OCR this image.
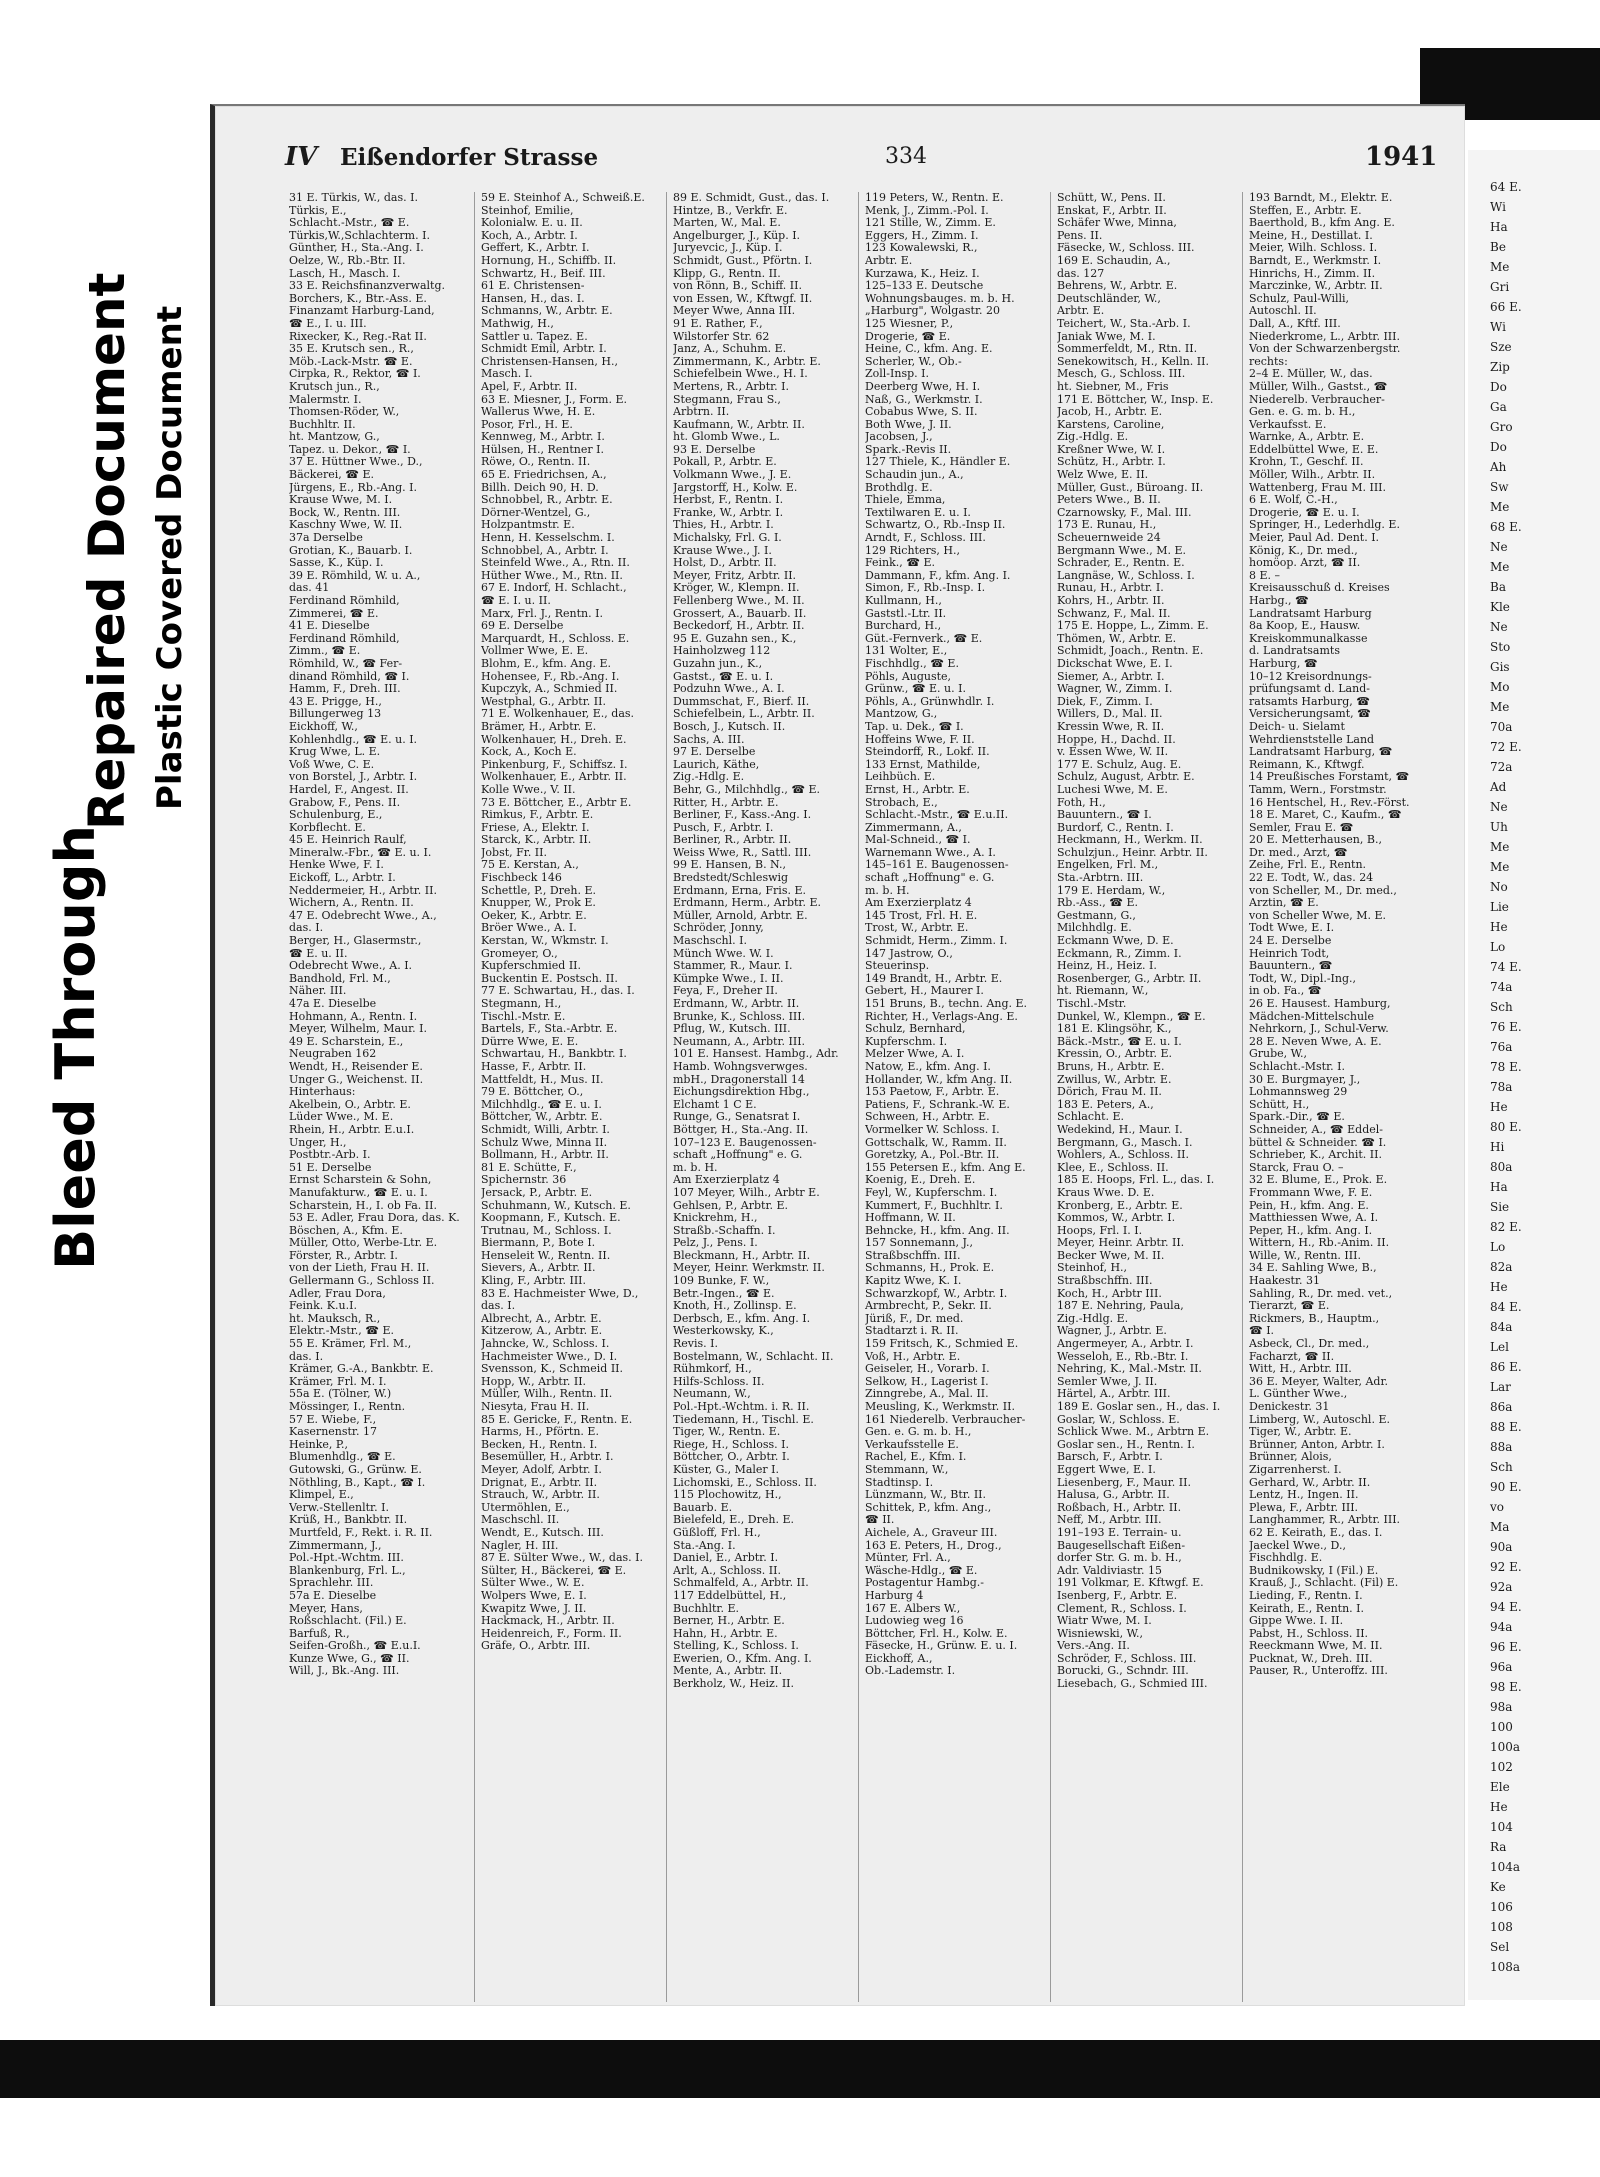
Bleed Through
Repaired Document Plastic Covered Document
IV Eißendorfer Strasse	334	1941
31 E. Türkis, W., das. I.
Türkis, E.,
Schlacht.-Mstr., ☎ E.
Türkis,W.,Schlachterm. I.
Günther, H., Sta.-Ang. I.
Oelze, W., Rb.-Btr. II.
Lasch, H., Masch. I.
33 E. Reichsfinanzverwaltg.
Borchers, K., Btr.-Ass. E.
Finanzamt Harburg-Land,
☎ E., I. u. III.
Rixecker, K., Reg.-Rat II.
35 E. Krutsch sen., R.,
Möb.-Lack-Mstr. ☎ E.
Cirpka, R., Rektor, ☎ I.
Krutsch jun., R.,
Malermstr. I.
Thomsen-Röder, W.,
Buchhltr. II.
ht. Mantzow, G.,
Tapez. u. Dekor., ☎ I.
37 E. Hüttner Wwe., D.,
Bäckerei, ☎ E.
Jürgens, E., Rb.-Ang. I.
Krause Wwe, M. I.
Bock, W., Rentn. III.
Kaschny Wwe, W. II.
37a Derselbe
Grotian, K., Bauarb. I.
Sasse, K., Küp. I.
39 E. Römhild, W. u. A.,
das. 41
Ferdinand Römhild,
Zimmerei, ☎ E.
41 E. Dieselbe
Ferdinand Römhild,
Zimm., ☎ E.
Römhild, W., ☎ Fer-
dinand Römhild, ☎ I.
Hamm, F., Dreh. III.
43 E. Prigge, H.,
Billungerweg 13
Eickhoff, W.,
Kohlenhdlg., ☎ E. u. I.
Krug Wwe, L. E.
Voß Wwe, C. E.
von Borstel, J., Arbtr. I.
Hardel, F., Angest. II.
Grabow, F., Pens. II.
Schulenburg, E.,
Korbflecht. E.
45 E. Heinrich Raulf,
Mineralw.-Fbr., ☎ E. u. I.
Henke Wwe, F. I.
Eickoff, L., Arbtr. I.
Neddermeier, H., Arbtr. II.
Wichern, A., Rentn. II.
47 E. Odebrecht Wwe., A.,
das. I.
Berger, H., Glasermstr.,
☎ E. u. II.
Odebrecht Wwe., A. I.
Bandhold, Frl. M.,
Näher. III.
47a E. Dieselbe
Hohmann, A., Rentn. I.
Meyer, Wilhelm, Maur. I.
49 E. Scharstein, E.,
Neugraben 162
Wendt, H., Reisender E.
Unger G., Weichenst. II.
Hinterhaus:
Akelbein, O., Arbtr. E.
Lüder Wwe., M. E.
Rhein, H., Arbtr. E.u.I.
Unger, H.,
Postbtr.-Arb. I.
51 E. Derselbe
Ernst Scharstein & Sohn,
Manufakturw., ☎ E. u. I.
Scharstein, H., I. ob Fa. II.
53 E. Adler, Frau Dora, das. K.
Böschen, A., Kfm. E.
Müller, Otto, Werbe-Ltr. E.
Förster, R., Arbtr. I.
von der Lieth, Frau H. II.
Gellermann G., Schloss II.
Adler, Frau Dora,
Feink. K.u.I.
ht. Mauksch, R.,
Elektr.-Mstr., ☎ E.
55 E. Krämer, Frl. M.,
das. I.
Krämer, G.-A., Bankbtr. E.
Krämer, Frl. M. I.
55a E. (Tölner, W.)
Mössinger, I., Rentn.
57 E. Wiebe, F.,
Kasernenstr. 17
Heinke, P.,
Blumenhdlg., ☎ E.
Gutowski, G., Grünw. E.
Nöthling, B., Kapt., ☎ I.
Klimpel, E.,
Verw.-Stellenltr. I.
Krüß, H., Bankbtr. II.
Murtfeld, F., Rekt. i. R. II.
Zimmermann, J.,
Pol.-Hpt.-Wchtm. III.
Blankenburg, Frl. L.,
Sprachlehr. III.
57a E. Dieselbe
Meyer, Hans,
Roßschlacht. (Fil.) E.
Barfuß, R.,
Seifen-Großh., ☎ E.u.I.
Kunze Wwe, G., ☎ II.
Will, J., Bk.-Ang. III.
59 E. Steinhof A., Schweiß.E.
Steinhof, Emilie,
Kolonialw. E. u. II.
Koch, A., Arbtr. I.
Geffert, K., Arbtr. I.
Hornung, H., Schiffb. II.
Schwartz, H., Beif. III.
61 E. Christensen-
Hansen, H., das. I.
Schmanns, W., Arbtr. E.
Mathwig, H.,
Sattler u. Tapez. E.
Schmidt Emil, Arbtr. I.
Christensen-Hansen, H.,
Masch. I.
Apel, F., Arbtr. II.
63 E. Miesner, J., Form. E.
Wallerus Wwe, H. E.
Posor, Frl., H. E.
Kennweg, M., Arbtr. I.
Hülsen, H., Rentner I.
Röwe, O., Rentn. II.
65 E. Friedrichsen, A.,
Billh. Deich 90, H. D.
Schnobbel, R., Arbtr. E.
Dörner-Wentzel, G.,
Holzpantmstr. E.
Henn, H. Kesselschm. I.
Schnobbel, A., Arbtr. I.
Steinfeld Wwe., A., Rtn. II.
Hüther Wwe., M., Rtn. II.
67 E. Indorf, H. Schlacht.,
☎ E. I. u. II.
Marx, Frl. J., Rentn. I.
69 E. Derselbe
Marquardt, H., Schloss. E.
Vollmer Wwe, E. E.
Blohm, E., kfm. Ang. E.
Hohensee, F., Rb.-Ang. I.
Kupczyk, A., Schmied II.
Westphal, G., Arbtr. II.
71 E. Wolkenhauer, E., das.
Brämer, H., Arbtr. E.
Wolkenhauer, H., Dreh. E.
Kock, A., Koch E.
Pinkenburg, F., Schiffsz. I.
Wolkenhauer, E., Arbtr. II.
Kolle Wwe., V. II.
73 E. Böttcher, E., Arbtr E.
Rimkus, F., Arbtr. E.
Friese, A., Elektr. I.
Starck, K., Arbtr. II.
Jobst, Fr. II.
75 E. Kerstan, A.,
Fischbeck 146
Schettle, P., Dreh. E.
Knupper, W., Prok E.
Oeker, K., Arbtr. E.
Bröer Wwe., A. I.
Kerstan, W., Wkmstr. I.
Gromeyer, O.,
Kupferschmied II.
Buckentin E. Postsch. II.
77 E. Schwartau, H., das. I.
Stegmann, H.,
Tischl.-Mstr. E.
Bartels, F., Sta.-Arbtr. E.
Dürre Wwe, E. E.
Schwartau, H., Bankbtr. I.
Hasse, F., Arbtr. II.
Mattfeldt, H., Mus. II.
79 E. Böttcher, O.,
Milchhdlg., ☎ E. u. I.
Böttcher, W., Arbtr. E.
Schmidt, Willi, Arbtr. I.
Schulz Wwe, Minna II.
Bollmann, H., Arbtr. II.
81 E. Schütte, F.,
Spichernstr. 36
Jersack, P., Arbtr. E.
Schuhmann, W., Kutsch. E.
Koopmann, F., Kutsch. E.
Trutnau, M., Schloss. I.
Biermann, P., Bote I.
Henseleit W., Rentn. II.
Sievers, A., Arbtr. II.
Kling, F., Arbtr. III.
83 E. Hachmeister Wwe, D.,
das. I.
Albrecht, A., Arbtr. E.
Kitzerow, A., Arbtr. E.
Jahncke, W., Schloss. I.
Hachmeister Wwe., D. I.
Svensson, K., Schmeid II.
Hopp, W., Arbtr. II.
Müller, Wilh., Rentn. II.
Niesyta, Frau H. II.
85 E. Gericke, F., Rentn. E.
Harms, H., Pförtn. E.
Becken, H., Rentn. I.
Besemüller, H., Arbtr. I.
Meyer, Adolf, Arbtr. I.
Drignat, E., Arbtr. II.
Strauch, W., Arbtr. II.
Utermöhlen, E.,
Maschschl. II.
Wendt, E., Kutsch. III.
Nagler, H. III.
87 E. Sülter Wwe., W., das. I.
Sülter, H., Bäckerei, ☎ E.
Sülter Wwe., W. E.
Wolpers Wwe, E. I.
Kwapitz Wwe, J. II.
Hackmack, H., Arbtr. II.
Heidenreich, F., Form. II.
Gräfe, O., Arbtr. III.
89 E. Schmidt, Gust., das. I.
Hintze, B., Verkfr. E.
Marten, W., Mal. E.
Angelburger, J., Küp. I.
Juryevcic, J., Küp. I.
Schmidt, Gust., Pförtn. I.
Klipp, G., Rentn. II.
von Rönn, B., Schiff. II.
von Essen, W., Kftwgf. II.
Meyer Wwe, Anna III.
91 E. Rather, F.,
Wilstorfer Str. 62
Janz, A., Schuhm. E.
Zimmermann, K., Arbtr. E.
Schiefelbein Wwe., H. I.
Mertens, R., Arbtr. I.
Stegmann, Frau S.,
Arbtrn. II.
Kaufmann, W., Arbtr. II.
ht. Glomb Wwe., L.
93 E. Derselbe
Pokall, P., Arbtr. E.
Volkmann Wwe., J. E.
Jargstorff, H., Kolw. E.
Herbst, F., Rentn. I.
Franke, W., Arbtr. I.
Thies, H., Arbtr. I.
Michalsky, Frl. G. I.
Krause Wwe., J. I.
Holst, D., Arbtr. II.
Meyer, Fritz, Arbtr. II.
Kröger, W., Klempn. II.
Fellenberg Wwe., M. II.
Grossert, A., Bauarb. II.
Beckedorf, H., Arbtr. II.
95 E. Guzahn sen., K.,
Hainholzweg 112
Guzahn jun., K.,
Gastst., ☎ E. u. I.
Podzuhn Wwe., A. I.
Dummschat, F., Bierf. II.
Schiefelbein, L., Arbtr. II.
Bosch, J., Kutsch. II.
Sachs, A. III.
97 E. Derselbe
Laurich, Käthe,
Zig.-Hdlg. E.
Behr, G., Milchhdlg., ☎ E.
Ritter, H., Arbtr. E.
Berliner, F., Kass.-Ang. I.
Pusch, F., Arbtr. I.
Berliner, R., Arbtr. II.
Weiss Wwe, R., Sattl. III.
99 E. Hansen, B. N.,
Bredstedt/Schleswig
Erdmann, Erna, Fris. E.
Erdmann, Herm., Arbtr. E.
Müller, Arnold, Arbtr. E.
Schröder, Jonny,
Maschschl. I.
Münch Wwe. W. I.
Stammer, R., Maur. I.
Kümpke Wwe., I. II.
Feya, F., Dreher II.
Erdmann, W., Arbtr. II.
Brunke, K., Schloss. III.
Pflug, W., Kutsch. III.
Neumann, A., Arbtr. III.
101 E. Hansest. Hambg., Adr.
Hamb. Wohngsverwges.
mbH., Dragonerstall 14
Eichungsdirektion Hbg.,
Elchamt 1 C E.
Runge, G., Senatsrat I.
Böttger, H., Sta.-Ang. II.
107–123 E. Baugenossen-
schaft „Hoffnung" e. G.
m. b. H.
Am Exerzierplatz 4
107 Meyer, Wilh., Arbtr E.
Gehlsen, P., Arbtr. E.
Knickrehm, H.,
Straßb.-Schaffn. I.
Pelz, J., Pens. I.
Bleckmann, H., Arbtr. II.
Meyer, Heinr. Werkmstr. II.
109 Bunke, F. W.,
Betr.-Ingen., ☎ E.
Knoth, H., Zollinsp. E.
Derbsch, E., kfm. Ang. I.
Westerkowsky, K.,
Revis. I.
Bostelmann, W., Schlacht. II.
Rühmkorf, H.,
Hilfs-Schloss. II.
Neumann, W.,
Pol.-Hpt.-Wchtm. i. R. II.
Tiedemann, H., Tischl. E.
Tiger, W., Rentn. E.
Riege, H., Schloss. I.
Böttcher, O., Arbtr. I.
Küster, G., Maler I.
Lichomski, E., Schloss. II.
115 Plochowitz, H.,
Bauarb. E.
Bielefeld, E., Dreh. E.
Güßloff, Frl. H.,
Sta.-Ang. I.
Daniel, E., Arbtr. I.
Arlt, A., Schloss. II.
Schmalfeld, A., Arbtr. II.
117 Eddelbüttel, H.,
Buchhltr. E.
Berner, H., Arbtr. E.
Hahn, H., Arbtr. E.
Stelling, K., Schloss. I.
Ewerien, O., Kfm. Ang. I.
Mente, A., Arbtr. II.
Berkholz, W., Heiz. II.
119 Peters, W., Rentn. E.
Menk, J., Zimm.-Pol. I.
121 Stille, W., Zimm. E.
Eggers, H., Zimm. I.
123 Kowalewski, R.,
Arbtr. E.
Kurzawa, K., Heiz. I.
125–133 E. Deutsche
Wohnungsbauges. m. b. H.
„Harburg", Wolgastr. 20
125 Wiesner, P.,
Drogerie, ☎ E.
Heine, C., kfm. Ang. E.
Scherler, W., Ob.-
Zoll-Insp. I.
Deerberg Wwe, H. I.
Naß, G., Werkmstr. I.
Cobabus Wwe, S. II.
Both Wwe, J. II.
Jacobsen, J.,
Spark.-Revis II.
127 Thiele, K., Händler E.
Schaudin jun., A.,
Brothdlg. E.
Thiele, Emma,
Textilwaren E. u. I.
Schwartz, O., Rb.-Insp II.
Arndt, F., Schloss. III.
129 Richters, H.,
Feink., ☎ E.
Dammann, F., kfm. Ang. I.
Simon, F., Rb.-Insp. I.
Kullmann, H.,
Gaststl.-Ltr. II.
Burchard, H.,
Güt.-Fernverk., ☎ E.
131 Wolter, E.,
Fischhdlg., ☎ E.
Pöhls, Auguste,
Grünw., ☎ E. u. I.
Pöhls, A., Grünwhdlr. I.
Mantzow, G.,
Tap. u. Dek., ☎ I.
Hoffeins Wwe, F. II.
Steindorff, R., Lokf. II.
133 Ernst, Mathilde,
Leihbüch. E.
Ernst, H., Arbtr. E.
Strobach, E.,
Schlacht.-Mstr., ☎ E.u.II.
Zimmermann, A.,
Mal-Schneid., ☎ I.
Warnemann Wwe., A. I.
145–161 E. Baugenossen-
schaft „Hoffnung" e. G.
m. b. H.
Am Exerzierplatz 4
145 Trost, Frl. H. E.
Trost, W., Arbtr. E.
Schmidt, Herm., Zimm. I.
147 Jastrow, O.,
Steuerinsp.
149 Brandt, H., Arbtr. E.
Gebert, H., Maurer I.
151 Bruns, B., techn. Ang. E.
Richter, H., Verlags-Ang. E.
Schulz, Bernhard,
Kupferschm. I.
Melzer Wwe, A. I.
Natow, E., kfm. Ang. I.
Hollander, W., kfm Ang. II.
153 Paetow, F., Arbtr. E.
Patiens, F., Schrank.-W. E.
Schween, H., Arbtr. E.
Vormelker W. Schloss. I.
Gottschalk, W., Ramm. II.
Goretzky, A., Pol.-Btr. II.
155 Petersen E., kfm. Ang E.
Koenig, E., Dreh. E.
Feyl, W., Kupferschm. I.
Kummert, F., Buchhltr. I.
Hoffmann, W. II.
Behncke, H., kfm. Ang. II.
157 Sonnemann, J.,
Straßbschffn. III.
Schmanns, H., Prok. E.
Kapitz Wwe, K. I.
Schwarzkopf, W., Arbtr. I.
Armbrecht, P., Sekr. II.
Jüriß, F., Dr. med.
Stadtarzt i. R. II.
159 Fritsch, K., Schmied E.
Voß, H., Arbtr. E.
Geiseler, H., Vorarb. I.
Selkow, H., Lagerist I.
Zinngrebe, A., Mal. II.
Meusling, K., Werkmstr. II.
161 Niederelb. Verbraucher-
Gen. e. G. m. b. H.,
Verkaufsstelle E.
Rachel, E., Kfm. I.
Stemmann, W.,
Stadtinsp. I.
Lünzmann, W., Btr. II.
Schittek, P., kfm. Ang.,
☎ II.
Aichele, A., Graveur III.
163 E. Peters, H., Drog.,
Münter, Frl. A.,
Wäsche-Hdlg., ☎ E.
Postagentur Hambg.-
Harburg 4
167 E. Albers W.,
Ludowieg weg 16
Böttcher, Frl. H., Kolw. E.
Fäsecke, H., Grünw. E. u. I.
Eickhoff, A.,
Ob.-Lademstr. I.
Schütt, W., Pens. II.
Enskat, F., Arbtr. II.
Schäfer Wwe, Minna,
Pens. II.
Fäsecke, W., Schloss. III.
169 E. Schaudin, A.,
das. 127
Behrens, W., Arbtr. E.
Deutschländer, W.,
Arbtr. E.
Teichert, W., Sta.-Arb. I.
Janiak Wwe, M. I.
Sommerfeldt, M., Rtn. II.
Senekowitsch, H., Kelln. II.
Mesch, G., Schloss. III.
ht. Siebner, M., Fris
171 E. Böttcher, W., Insp. E.
Jacob, H., Arbtr. E.
Karstens, Caroline,
Zig.-Hdlg. E.
Kreßner Wwe, W. I.
Schütz, H., Arbtr. I.
Welz Wwe, E. II.
Müller, Gust., Büroang. II.
Peters Wwe., B. II.
Czarnowsky, F., Mal. III.
173 E. Runau, H.,
Scheuernweide 24
Bergmann Wwe., M. E.
Schrader, E., Rentn. E.
Langnäse, W., Schloss. I.
Runau, H., Arbtr. I.
Kohrs, H., Arbtr. II.
Schwanz, F., Mal. II.
175 E. Hoppe, L., Zimm. E.
Thömen, W., Arbtr. E.
Schmidt, Joach., Rentn. E.
Dickschat Wwe, E. I.
Siemer, A., Arbtr. I.
Wagner, W., Zimm. I.
Diek, F., Zimm. I.
Willers, D., Mal. II.
Kressin Wwe, R. II.
Hoppe, H., Dachd. II.
v. Essen Wwe, W. II.
177 E. Schulz, Aug. E.
Schulz, August, Arbtr. E.
Luchesi Wwe, M. E.
Foth, H.,
Bauuntern., ☎ I.
Burdorf, C., Rentn. I.
Heckmann, H., Werkm. II.
Schulzjun., Heinr. Arbtr. II.
Engelken, Frl. M.,
Sta.-Arbtrn. III.
179 E. Herdam, W.,
Rb.-Ass., ☎ E.
Gestmann, G.,
Milchhdlg. E.
Eckmann Wwe, D. E.
Eckmann, R., Zimm. I.
Heinz, H., Heiz. I.
Rosenberger, G., Arbtr. II.
ht. Riemann, W.,
Tischl.-Mstr.
Dunkel, W., Klempn., ☎ E.
181 E. Klingsöhr, K.,
Bäck.-Mstr., ☎ E. u. I.
Kressin, O., Arbtr. E.
Bruns, H., Arbtr. E.
Zwillus, W., Arbtr. E.
Dörich, Frau M. II.
183 E. Peters, A.,
Schlacht. E.
Wedekind, H., Maur. I.
Bergmann, G., Masch. I.
Wohlers, A., Schloss. II.
Klee, E., Schloss. II.
185 E. Hoops, Frl. L., das. I.
Kraus Wwe. D. E.
Kronberg, E., Arbtr. E.
Kommos, W., Arbtr. I.
Hoops, Frl. I. I.
Meyer, Heinr. Arbtr. II.
Becker Wwe, M. II.
Steinhof, H.,
Straßbschffn. III.
Koch, H., Arbtr III.
187 E. Nehring, Paula,
Zig.-Hdlg. E.
Wagner, J., Arbtr. E.
Angermeyer, A., Arbtr. I.
Wesseloh, E., Rb.-Btr. I.
Nehring, K., Mal.-Mstr. II.
Semler Wwe, J. II.
Härtel, A., Arbtr. III.
189 E. Goslar sen., H., das. I.
Goslar, W., Schloss. E.
Schlick Wwe. M., Arbtrn E.
Goslar sen., H., Rentn. I.
Barsch, F., Arbtr. I.
Eggert Wwe, E. I.
Liesenberg, F., Maur. II.
Halusa, G., Arbtr. II.
Roßbach, H., Arbtr. II.
Neff, M., Arbtr. III.
191–193 E. Terrain- u.
Baugesellschaft Eißen-
dorfer Str. G. m. b. H.,
Adr. Valdiviastr. 15
191 Volkmar, E. Kftwgf. E.
Isenberg, F., Arbtr. E.
Clement, R., Schloss. I.
Wiatr Wwe, M. I.
Wisniewski, W.,
Vers.-Ang. II.
Schröder, F., Schloss. III.
Borucki, G., Schndr. III.
Liesebach, G., Schmied III.
193 Barndt, M., Elektr. E.
Steffen, E., Arbtr. E.
Baerthold, B., kfm Ang. E.
Meine, H., Destillat. I.
Meier, Wilh. Schloss. I.
Barndt, E., Werkmstr. I.
Hinrichs, H., Zimm. II.
Marczinke, W., Arbtr. II.
Schulz, Paul-Willi,
Autoschl. II.
Dall, A., Kftf. III.
Niederkrome, L., Arbtr. III.
Von der Schwarzenbergstr.
rechts:
2–4 E. Müller, W., das.
Müller, Wilh., Gastst., ☎
Niederelb. Verbraucher-
Gen. e. G. m. b. H.,
Verkaufsst. E.
Warnke, A., Arbtr. E.
Eddelbüttel Wwe, E. E.
Krohn, T., Geschf. II.
Möller, Wilh., Arbtr. II.
Wattenberg, Frau M. III.
6 E. Wolf, C.-H.,
Drogerie, ☎ E. u. I.
Springer, H., Lederhdlg. E.
Meier, Paul Ad. Dent. I.
König, K., Dr. med.,
homöop. Arzt, ☎ II.
8 E. –
Kreisausschuß d. Kreises
Harbg., ☎
Landratsamt Harburg
8a Koop, E., Hausw.
Kreiskommunalkasse
d. Landratsamts
Harburg, ☎
10–12 Kreisordnungs-
prüfungsamt d. Land-
ratsamts Harburg, ☎
Versicherungsamt, ☎
Deich- u. Sielamt
Wehrdienststelle Land
Landratsamt Harburg, ☎
Reimann, K., Kftwgf.
14 Preußisches Forstamt, ☎
Tamm, Wern., Forstmstr.
16 Hentschel, H., Rev.-Först.
18 E. Maret, C., Kaufm., ☎
Semler, Frau E. ☎
20 E. Metterhausen, B.,
Dr. med., Arzt, ☎
Zeihe, Frl. E., Rentn.
22 E. Todt, W., das. 24
von Scheller, M., Dr. med.,
Ärztin, ☎ E.
von Scheller Wwe, M. E.
Todt Wwe, E. I.
24 E. Derselbe
Heinrich Todt,
Bauuntern., ☎
Todt, W., Dipl.-Ing.,
in ob. Fa., ☎
26 E. Hausest. Hamburg,
Mädchen-Mittelschule
Nehrkorn, J., Schul-Verw.
28 E. Neven Wwe, A. E.
Grube, W.,
Schlacht.-Mstr. I.
30 E. Burgmayer, J.,
Lohmannsweg 29
Schütt, H.,
Spark.-Dir., ☎ E.
Schneider, A., ☎ Eddel-
büttel & Schneider. ☎ I.
Schrieber, K., Archit. II.
Starck, Frau O. –
32 E. Blume, E., Prok. E.
Frommann Wwe, F. E.
Pein, H., kfm. Ang. E.
Matthiessen Wwe, A. I.
Peper, H., kfm. Ang. I.
Wittern, H., Rb.-Anim. II.
Wille, W., Rentn. III.
34 E. Sahling Wwe, B.,
Haakestr. 31
Sahling, R., Dr. med. vet.,
Tierarzt, ☎ E.
Rickmers, B., Hauptm.,
☎ I.
Asbeck, Cl., Dr. med.,
Facharzt, ☎ II.
Witt, H., Arbtr. III.
36 E. Meyer, Walter, Adr.
L. Günther Wwe.,
Denickestr. 31
Limberg, W., Autoschl. E.
Tiger, W., Arbtr. E.
Brünner, Anton, Arbtr. I.
Brünner, Alois,
Zigarrenherst. I.
Gerhard, W., Arbtr. II.
Lentz, H., Ingen. II.
Plewa, F., Arbtr. III.
Langhammer, R., Arbtr. III.
62 E. Keirath, E., das. I.
Jaeckel Wwe., D.,
Fischhdlg. E.
Budnikowsky, I (Fil.) E.
Krauß, J., Schlacht. (Fil) E.
Lieding, F., Rentn. I.
Keirath, E., Rentn. I.
Gippe Wwe. I. II.
Pabst, H., Schloss. II.
Reeckmann Wwe, M. II.
Pucknat, W., Dreh. III.
Pauser, R., Unteroffz. III.
64 E.
Wi
Ha
Be
Me
Gri
66 E.
Wi
Sze
Zip
Do
Ga
Gro
Do
Ah
Sw
Me
68 E.
Ne
Me
Ba
Kle
Ne
Sto
Gis
Mo
Me
70a
72 E.
72a
Ad
Ne
Uh
Me
Me
No
Lie
He
Lo
74 E.
74a
Sch
76 E.
76a
78 E.
78a
He
80 E.
Hi
80a
Ha
Sie
82 E.
Lo
82a
He
84 E.
84a
Lel
86 E.
Lar
86a
88 E.
88a
Sch
90 E.
vo
Ma
90a
92 E.
92a
94 E.
94a
96 E.
96a
98 E.
98a
100
100a
102
Ele
He
104
Ra
104a
Ke
106
108
Sel
108a
